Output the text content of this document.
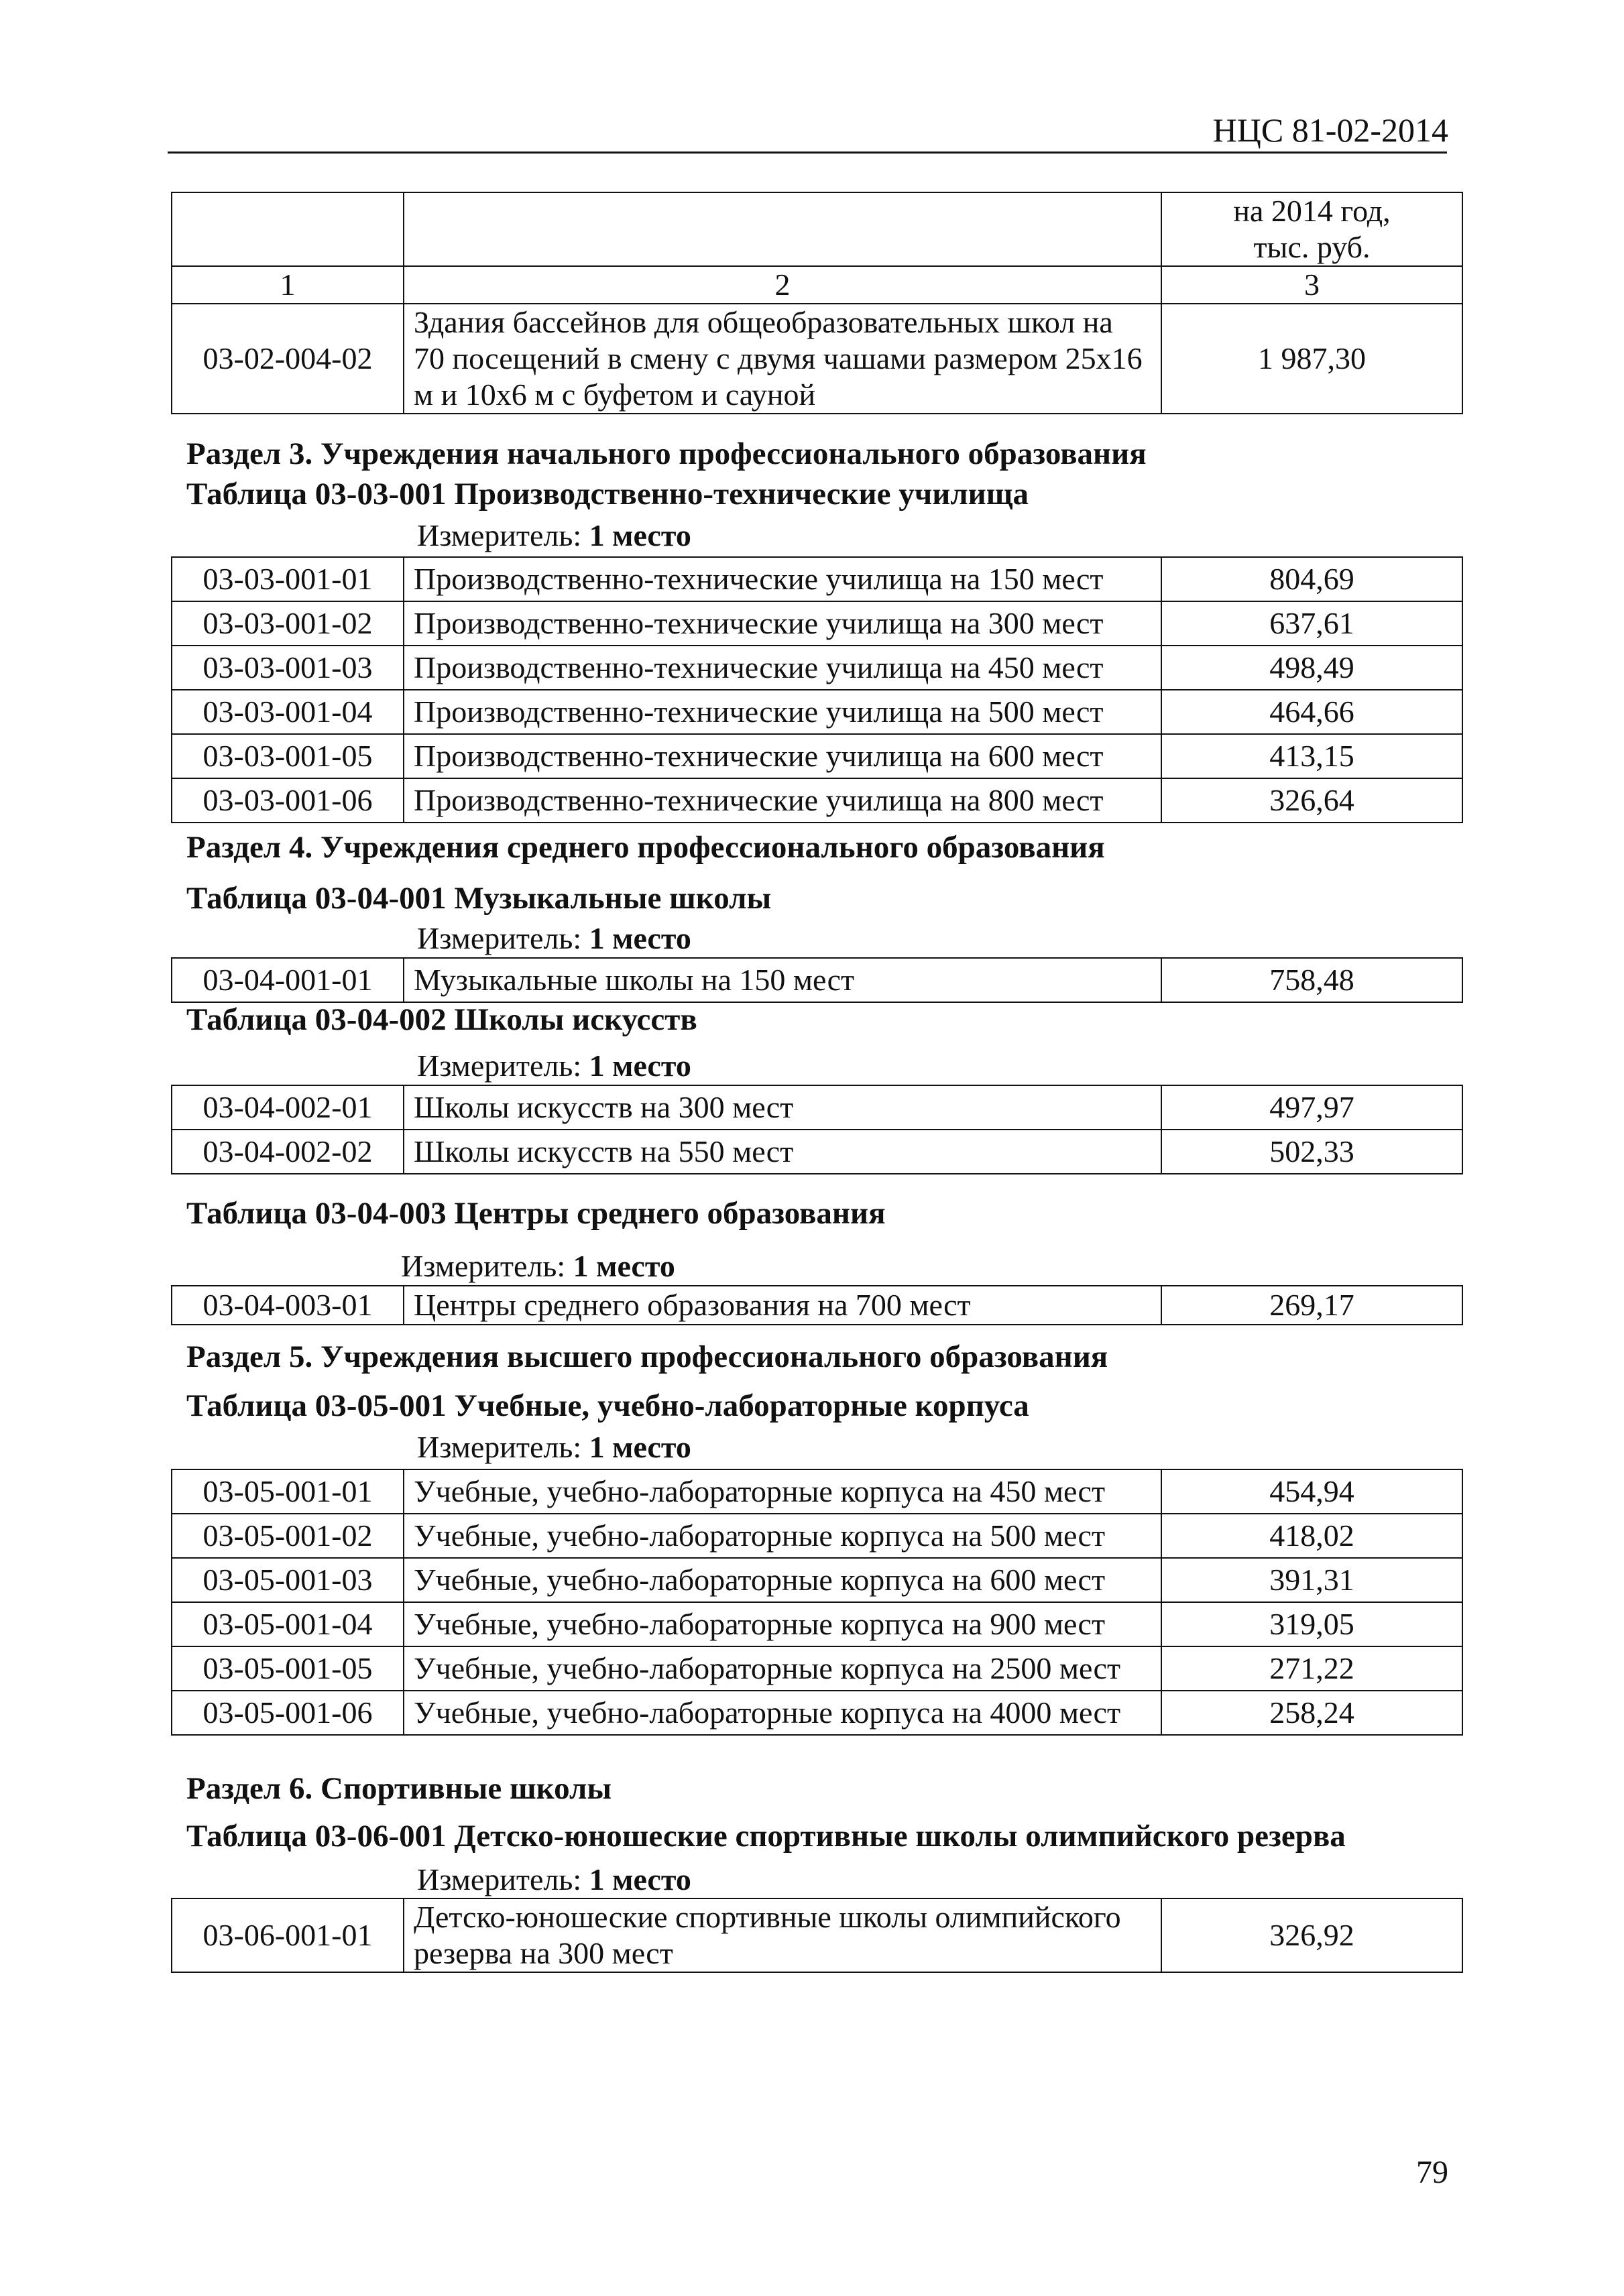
НЦС 81-02-2014
		на 2014 год, тыс. руб.
1	2	3
03-02-004-02	Здания бассейнов для общеобразовательных школ на 70 посещений в смену с двумя чашами размером 25x16 м и 10x6 м с буфетом и сауной	1 987,30
Раздел 3. Учреждения начального профессионального образования
Таблица 03-03-001 Производственно-технические училища
Измеритель: 1 место
03-03-001-01	Производственно-технические училища на 150 мест	804,69
03-03-001-02	Производственно-технические училища на 300 мест	637,61
03-03-001-03	Производственно-технические училища на 450 мест	498,49
03-03-001-04	Производственно-технические училища на 500 мест	464,66
03-03-001-05	Производственно-технические училища на 600 мест	413,15
03-03-001-06	Производственно-технические училища на 800 мест	326,64
Раздел 4. Учреждения среднего профессионального образования
Таблица 03-04-001 Музыкальные школы
Измеритель: 1 место
03-04-001-01	Музыкальные школы на 150 мест	758,48
Таблица 03-04-002 Школы искусств
Измеритель: 1 место
03-04-002-01	Школы искусств на 300 мест	497,97
03-04-002-02	Школы искусств на 550 мест	502,33
Таблица 03-04-003 Центры среднего образования
Измеритель: 1 место
03-04-003-01	Центры среднего образования на 700 мест	269,17
Раздел 5. Учреждения высшего профессионального образования
Таблица 03-05-001 Учебные, учебно-лабораторные корпуса
Измеритель: 1 место
03-05-001-01	Учебные, учебно-лабораторные корпуса на 450 мест	454,94
03-05-001-02	Учебные, учебно-лабораторные корпуса на 500 мест	418,02
03-05-001-03	Учебные, учебно-лабораторные корпуса на 600 мест	391,31
03-05-001-04	Учебные, учебно-лабораторные корпуса на 900 мест	319,05
03-05-001-05	Учебные, учебно-лабораторные корпуса на 2500 мест	271,22
03-05-001-06	Учебные, учебно-лабораторные корпуса на 4000 мест	258,24
Раздел 6. Спортивные школы
Таблица 03-06-001 Детско-юношеские спортивные школы олимпийского резерва
Измеритель: 1 место
03-06-001-01	Детско-юношеские спортивные школы олимпийского резерва на 300 мест	326,92
79
